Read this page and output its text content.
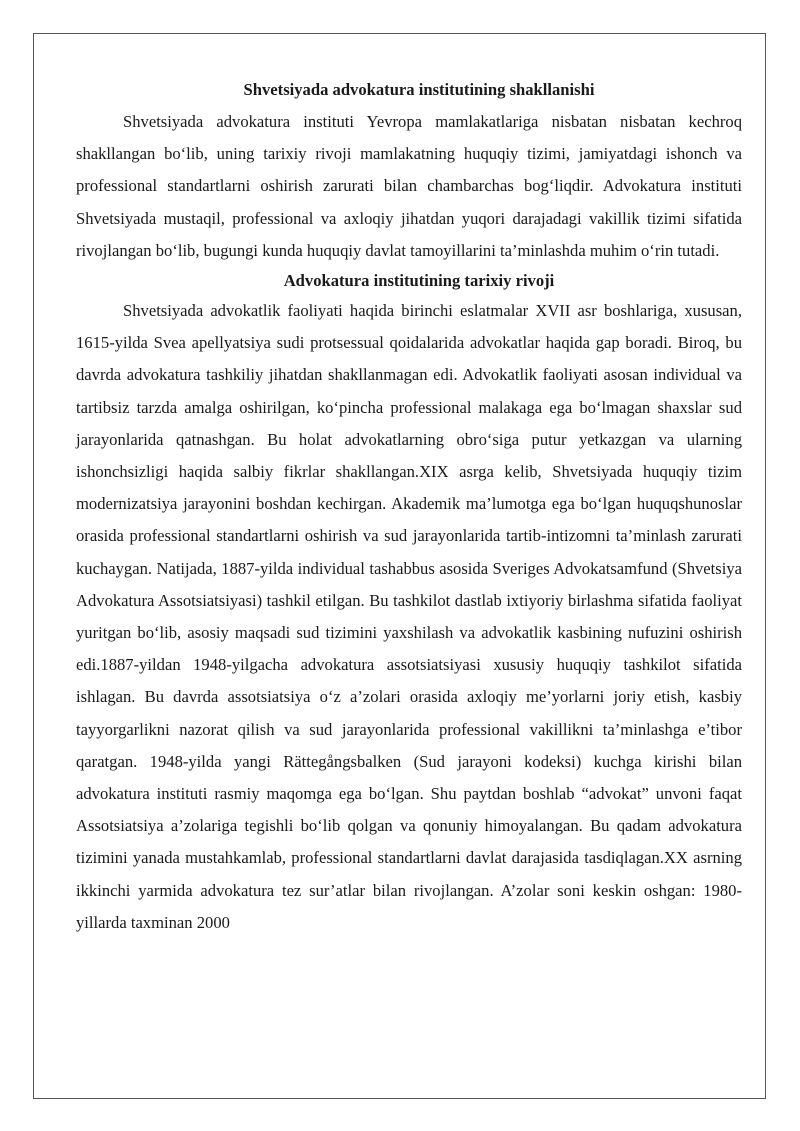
Shvetsiyada advokatura institutining shakllanishi

Shvetsiyada advokatura instituti Yevropa mamlakatlariga nisbatan nisbatan kechroq shakllangan bo‘lib, uning tarixiy rivoji mamlakatning huquqiy tizimi, jamiyatdagi ishonch va professional standartlarni oshirish zarurati bilan chambarchas bog‘liqdir. Advokatura instituti Shvetsiyada mustaqil, professional va axloqiy jihatdan yuqori darajadagi vakillik tizimi sifatida rivojlangan bo‘lib, bugungi kunda huquqiy davlat tamoyillarini ta’minlashda muhim o‘rin tutadi.

Advokatura institutining tarixiy rivoji

Shvetsiyada advokatlik faoliyati haqida birinchi eslatmalar XVII asr boshlariga, xususan, 1615-yilda Svea apellyatsiya sudi protsessual qoidalarida advokatlar haqida gap boradi. Biroq, bu davrda advokatura tashkiliy jihatdan shakllanmagan edi. Advokatlik faoliyati asosan individual va tartibsiz tarzda amalga oshirilgan, ko‘pincha professional malakaga ega bo‘lmagan shaxslar sud jarayonlarida qatnashgan. Bu holat advokatlarning obro‘siga putur yetkazgan va ularning ishonchsizligi haqida salbiy fikrlar shakllangan.XIX asrga kelib, Shvetsiyada huquqiy tizim modernizatsiya jarayonini boshdan kechirgan. Akademik ma’lumotga ega bo‘lgan huquqshunoslar orasida professional standartlarni oshirish va sud jarayonlarida tartib-intizomni ta’minlash zarurati kuchaygan. Natijada, 1887-yilda individual tashabbus asosida Sveriges Advokatsamfund (Shvetsiya Advokatura Assotsiatsiyasi) tashkil etilgan. Bu tashkilot dastlab ixtiyoriy birlashma sifatida faoliyat yuritgan bo‘lib, asosiy maqsadi sud tizimini yaxshilash va advokatlik kasbining nufuzini oshirish edi.1887-yildan 1948-yilgacha advokatura assotsiatsiyasi xususiy huquqiy tashkilot sifatida ishlagan. Bu davrda assotsiatsiya o‘z a’zolari orasida axloqiy me’yorlarni joriy etish, kasbiy tayyorgarlikni nazorat qilish va sud jarayonlarida professional vakillikni ta’minlashga e’tibor qaratgan. 1948-yilda yangi Rättegångsbalken (Sud jarayoni kodeksi) kuchga kirishi bilan advokatura instituti rasmiy maqomga ega bo‘lgan. Shu paytdan boshlab “advokat” unvoni faqat Assotsiatsiya a’zolariga tegishli bo‘lib qolgan va qonuniy himoyalangan. Bu qadam advokatura tizimini yanada mustahkamlab, professional standartlarni davlat darajasida tasdiqlagan.XX asrning ikkinchi yarmida advokatura tez sur’atlar bilan rivojlangan. A’zolar soni keskin oshgan: 1980-yillarda taxminan 2000
